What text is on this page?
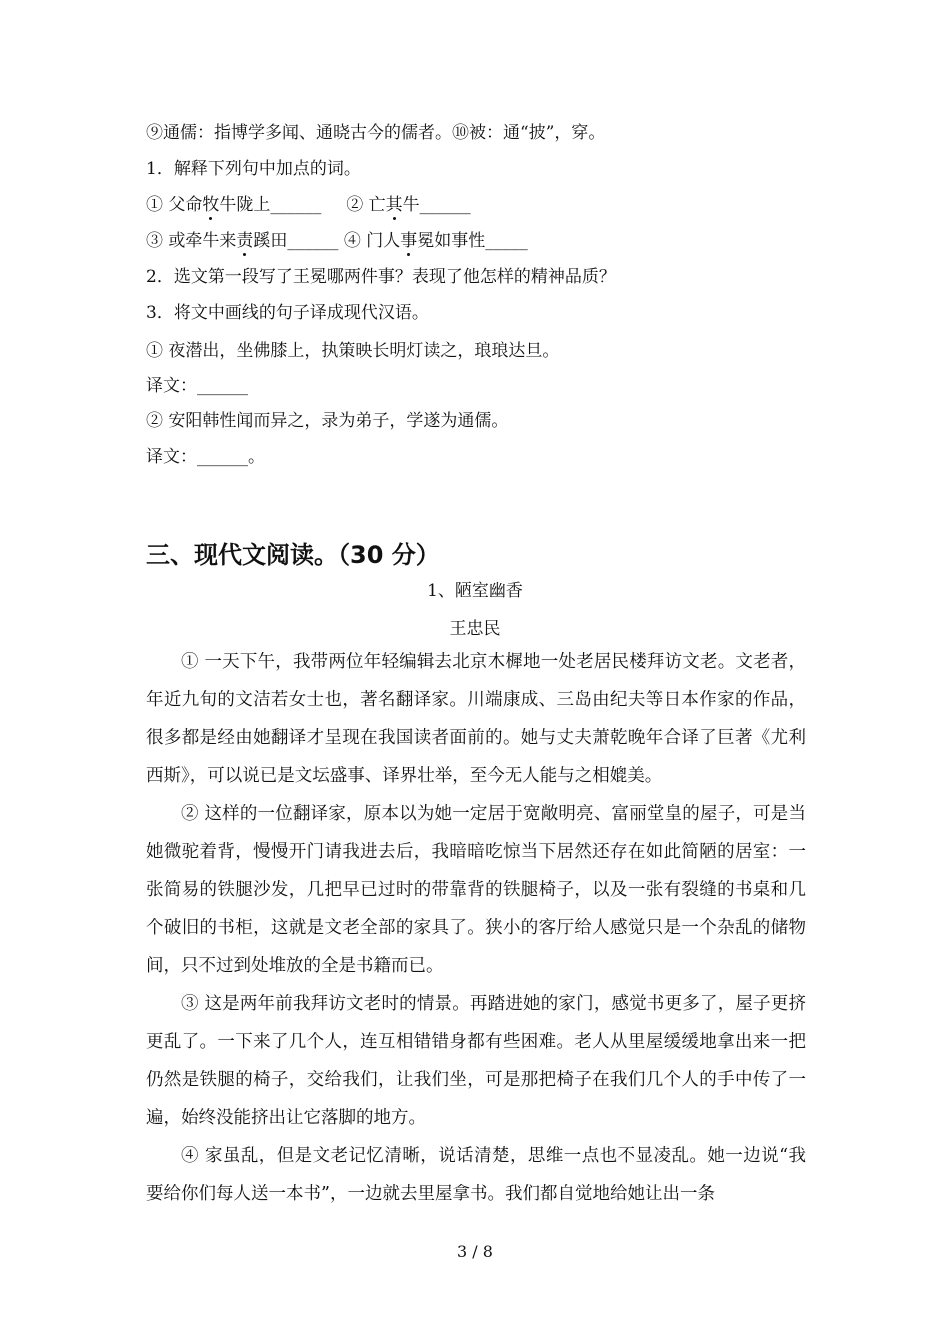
⑨通儒：指博学多闻、通晓古今的儒者。⑩被：通“披”，穿。
1．解释下列句中加点的词。
① 父命牧牛陇上______ ② 亡其牛______
③ 或牵牛来责蹊田______ ④ 门人事冕如事性_____
2．选文第一段写了王冕哪两件事？表现了他怎样的精神品质？
3．将文中画线的句子译成现代汉语。
① 夜潜出，坐佛膝上，执策映长明灯读之，琅琅达旦。
译文：______
② 安阳韩性闻而异之，录为弟子，学遂为通儒。
译文：______。
三、现代文阅读。（30 分）
1、陋室幽香
王忠民
① 一天下午，我带两位年轻编辑去北京木樨地一处老居民楼拜访文老。文老者，年近九旬的文洁若女士也，著名翻译家。川端康成、三岛由纪夫等日本作家的作品，很多都是经由她翻译才呈现在我国读者面前的。她与丈夫萧乾晚年合译了巨著《尤利西斯》，可以说已是文坛盛事、译界壮举，至今无人能与之相媲美。
② 这样的一位翻译家，原本以为她一定居于宽敞明亮、富丽堂皇的屋子，可是当她微驼着背，慢慢开门请我进去后，我暗暗吃惊当下居然还存在如此简陋的居室：一张简易的铁腿沙发，几把早已过时的带靠背的铁腿椅子，以及一张有裂缝的书桌和几个破旧的书柜，这就是文老全部的家具了。狭小的客厅给人感觉只是一个杂乱的储物间，只不过到处堆放的全是书籍而已。
③ 这是两年前我拜访文老时的情景。再踏进她的家门，感觉书更多了，屋子更挤更乱了。一下来了几个人，连互相错错身都有些困难。老人从里屋缓缓地拿出来一把仍然是铁腿的椅子，交给我们，让我们坐，可是那把椅子在我们几个人的手中传了一遍，始终没能挤出让它落脚的地方。
④ 家虽乱，但是文老记忆清晰，说话清楚，思维一点也不显凌乱。她一边说“我要给你们每人送一本书”，一边就去里屋拿书。我们都自觉地给她让出一条
3 / 8
